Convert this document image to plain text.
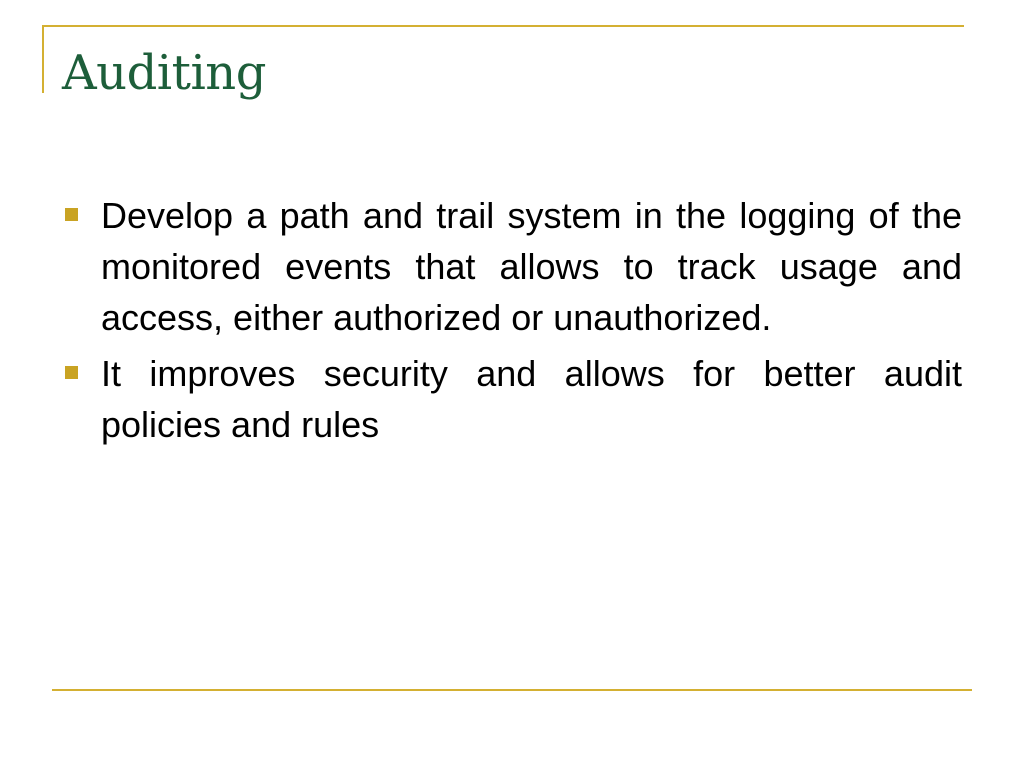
Auditing
Develop a path and trail system in the logging of the monitored events that allows to track usage and access, either authorized or unauthorized.
It improves security and allows for better audit policies and rules
